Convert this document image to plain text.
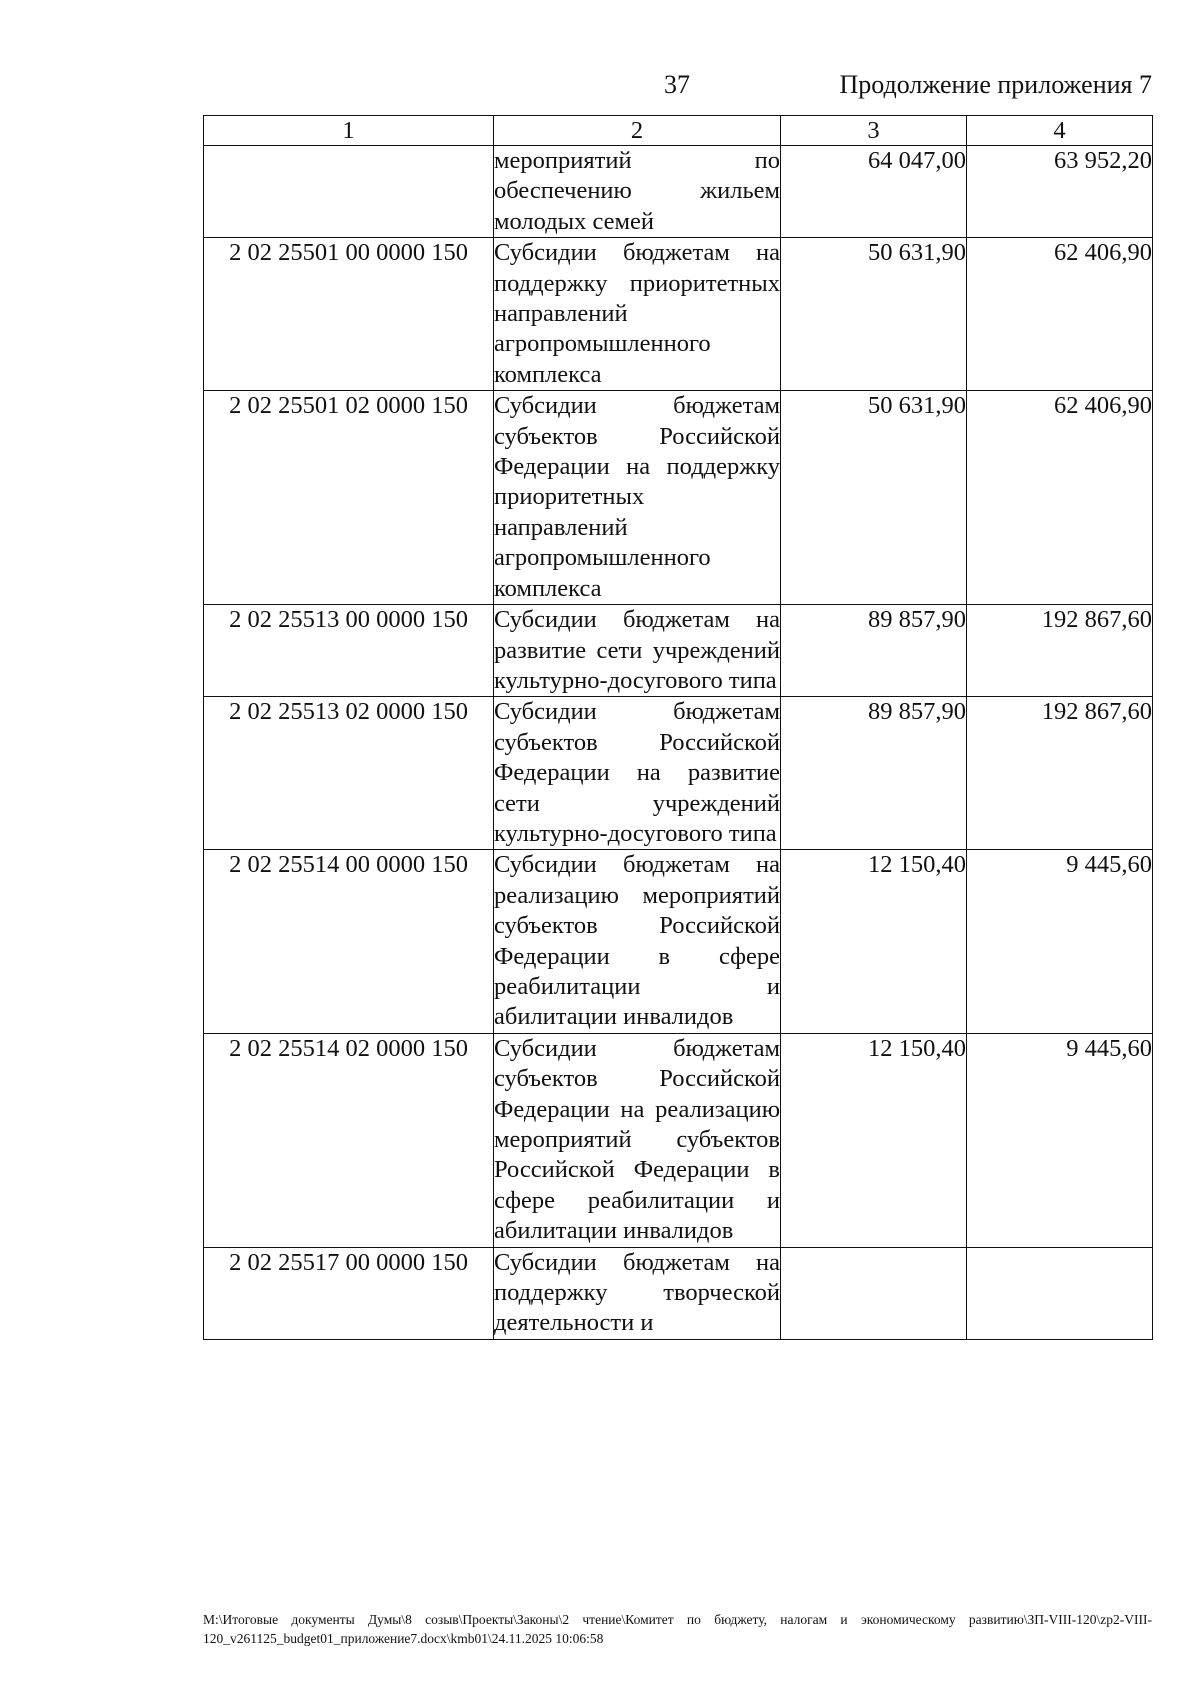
37	Продолжение приложения 7
1	2	3	4
	мероприятий по обеспечению жильем молодых семей	64 047,00	63 952,20
2 02 25501 00 0000 150	Субсидии бюджетам на поддержку приоритетных направлений агропромышленного комплекса	50 631,90	62 406,90
2 02 25501 02 0000 150	Субсидии бюджетам субъектов Российской Федерации на поддержку приоритетных направлений агропромышленного комплекса	50 631,90	62 406,90
2 02 25513 00 0000 150	Субсидии бюджетам на развитие сети учреждений культурно-досугового типа	89 857,90	192 867,60
2 02 25513 02 0000 150	Субсидии бюджетам субъектов Российской Федерации на развитие сети учреждений культурно-досугового типа	89 857,90	192 867,60
2 02 25514 00 0000 150	Субсидии бюджетам на реализацию мероприятий субъектов Российской Федерации в сфере реабилитации и абилитации инвалидов	12 150,40	9 445,60
2 02 25514 02 0000 150	Субсидии бюджетам субъектов Российской Федерации на реализацию мероприятий субъектов Российской Федерации в сфере реабилитации и абилитации инвалидов	12 150,40	9 445,60
2 02 25517 00 0000 150	Субсидии бюджетам на поддержку творческой деятельности и		
M:\Итоговые документы Думы\8 созыв\Проекты\Законы\2 чтение\Комитет по бюджету, налогам и экономическому развитию\ЗП-VIII-120\zp2-VIII-120_v261125_budget01_приложение7.docx\kmb01\24.11.2025 10:06:58
